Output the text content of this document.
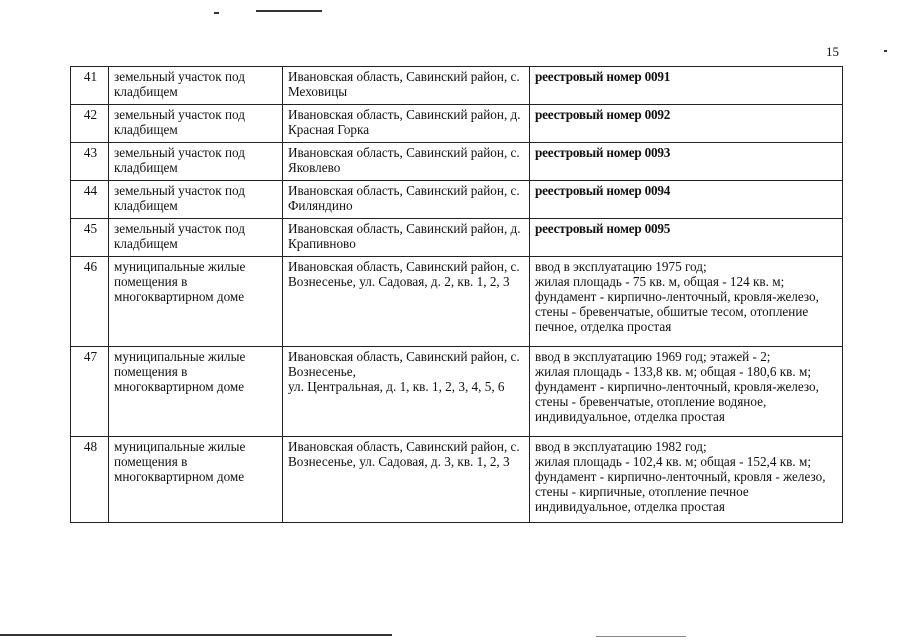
15
41	земельный участок под кладбищем	Ивановская область, Савинский район, с. Меховицы	реестровый номер 0091
42	земельный участок под кладбищем	Ивановская область, Савинский район, д. Красная Горка	реестровый номер 0092
43	земельный участок под кладбищем	Ивановская область, Савинский район, с. Яковлево	реестровый номер 0093
44	земельный участок под кладбищем	Ивановская область, Савинский район, с. Филяндино	реестровый номер 0094
45	земельный участок под кладбищем	Ивановская область, Савинский район, д. Крапивново	реестровый номер 0095
46	муниципальные жилые помещения в многоквартирном доме	Ивановская область, Савинский район, с. Вознесенье, ул. Садовая, д. 2, кв. 1, 2, 3	ввод в эксплуатацию 1975 год;
жилая площадь - 75 кв. м, общая - 124 кв. м; фундамент - кирпично-ленточный, кровля-железо, стены - бревенчатые, обшитые тесом, отопление печное, отделка простая
47	муниципальные жилые помещения в многоквартирном доме	Ивановская область, Савинский район, с. Вознесенье,
ул. Центральная, д. 1, кв. 1, 2, 3, 4, 5, 6	ввод в эксплуатацию 1969 год; этажей - 2;
жилая площадь - 133,8 кв. м; общая - 180,6 кв. м; фундамент - кирпично-ленточный, кровля-железо, стены - бревенчатые, отопление водяное, индивидуальное, отделка простая
48	муниципальные жилые помещения в многоквартирном доме	Ивановская область, Савинский район, с. Вознесенье, ул. Садовая, д. 3, кв. 1, 2, 3	ввод в эксплуатацию 1982 год;
жилая площадь - 102,4 кв. м; общая - 152,4 кв. м; фундамент - кирпично-ленточный, кровля - железо, стены - кирпичные, отопление печное индивидуальное, отделка простая
